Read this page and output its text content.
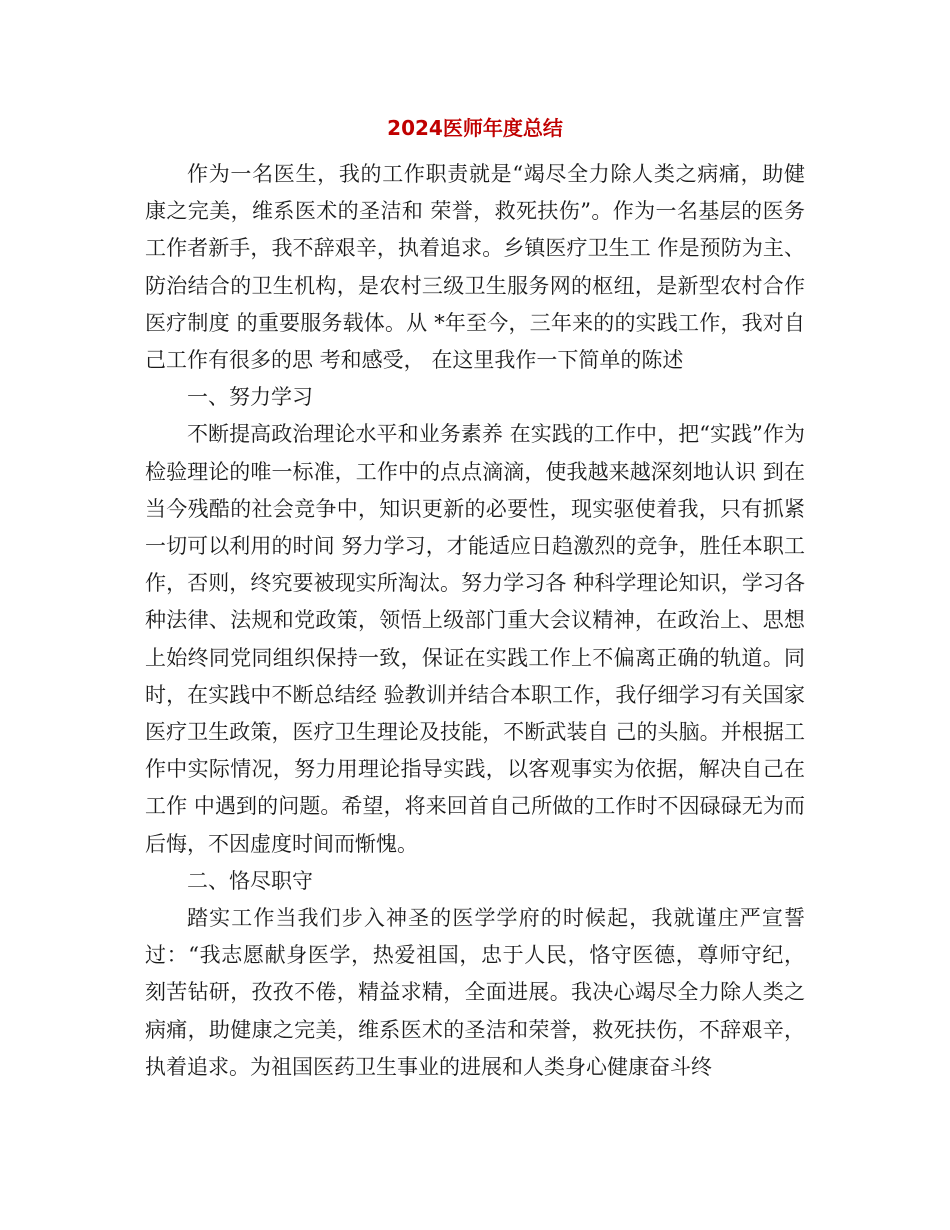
2024医师年度总结

作为一名医生，我的工作职责就是“竭尽全力除人类之病痛，助健康之完美，维系医术的圣洁和 荣誉，救死扶伤”。作为一名基层的医务工作者新手，我不辞艰辛，执着追求。乡镇医疗卫生工 作是预防为主、防治结合的卫生机构，是农村三级卫生服务网的枢纽，是新型农村合作医疗制度 的重要服务载体。从 *年至今，三年来的的实践工作，我对自己工作有很多的思 考和感受， 在这里我作一下简单的陈述

一、努力学习

不断提高政治理论水平和业务素养 在实践的工作中，把“实践”作为检验理论的唯一标准，工作中的点点滴滴，使我越来越深刻地认识 到在当今残酷的社会竞争中，知识更新的必要性，现实驱使着我，只有抓紧一切可以利用的时间 努力学习，才能适应日趋激烈的竞争，胜任本职工作，否则，终究要被现实所淘汰。努力学习各 种科学理论知识，学习各种法律、法规和党政策，领悟上级部门重大会议精神，在政治上、思想 上始终同党同组织保持一致，保证在实践工作上不偏离正确的轨道。同时，在实践中不断总结经 验教训并结合本职工作，我仔细学习有关国家医疗卫生政策，医疗卫生理论及技能，不断武装自 己的头脑。并根据工作中实际情况，努力用理论指导实践，以客观事实为依据，解决自己在工作 中遇到的问题。希望，将来回首自己所做的工作时不因碌碌无为而后悔，不因虚度时间而惭愧。

二、恪尽职守

踏实工作当我们步入神圣的医学学府的时候起，我就谨庄严宣誓过：“我志愿献身医学，热爱祖国，忠于人民，恪守医德，尊师守纪，刻苦钻研，孜孜不倦，精益求精，全面进展。我决心竭尽全力除人类之病痛，助健康之完美，维系医术的圣洁和荣誉，救死扶伤，不辞艰辛，执着追求。为祖国医药卫生事业的进展和人类身心健康奋斗终
